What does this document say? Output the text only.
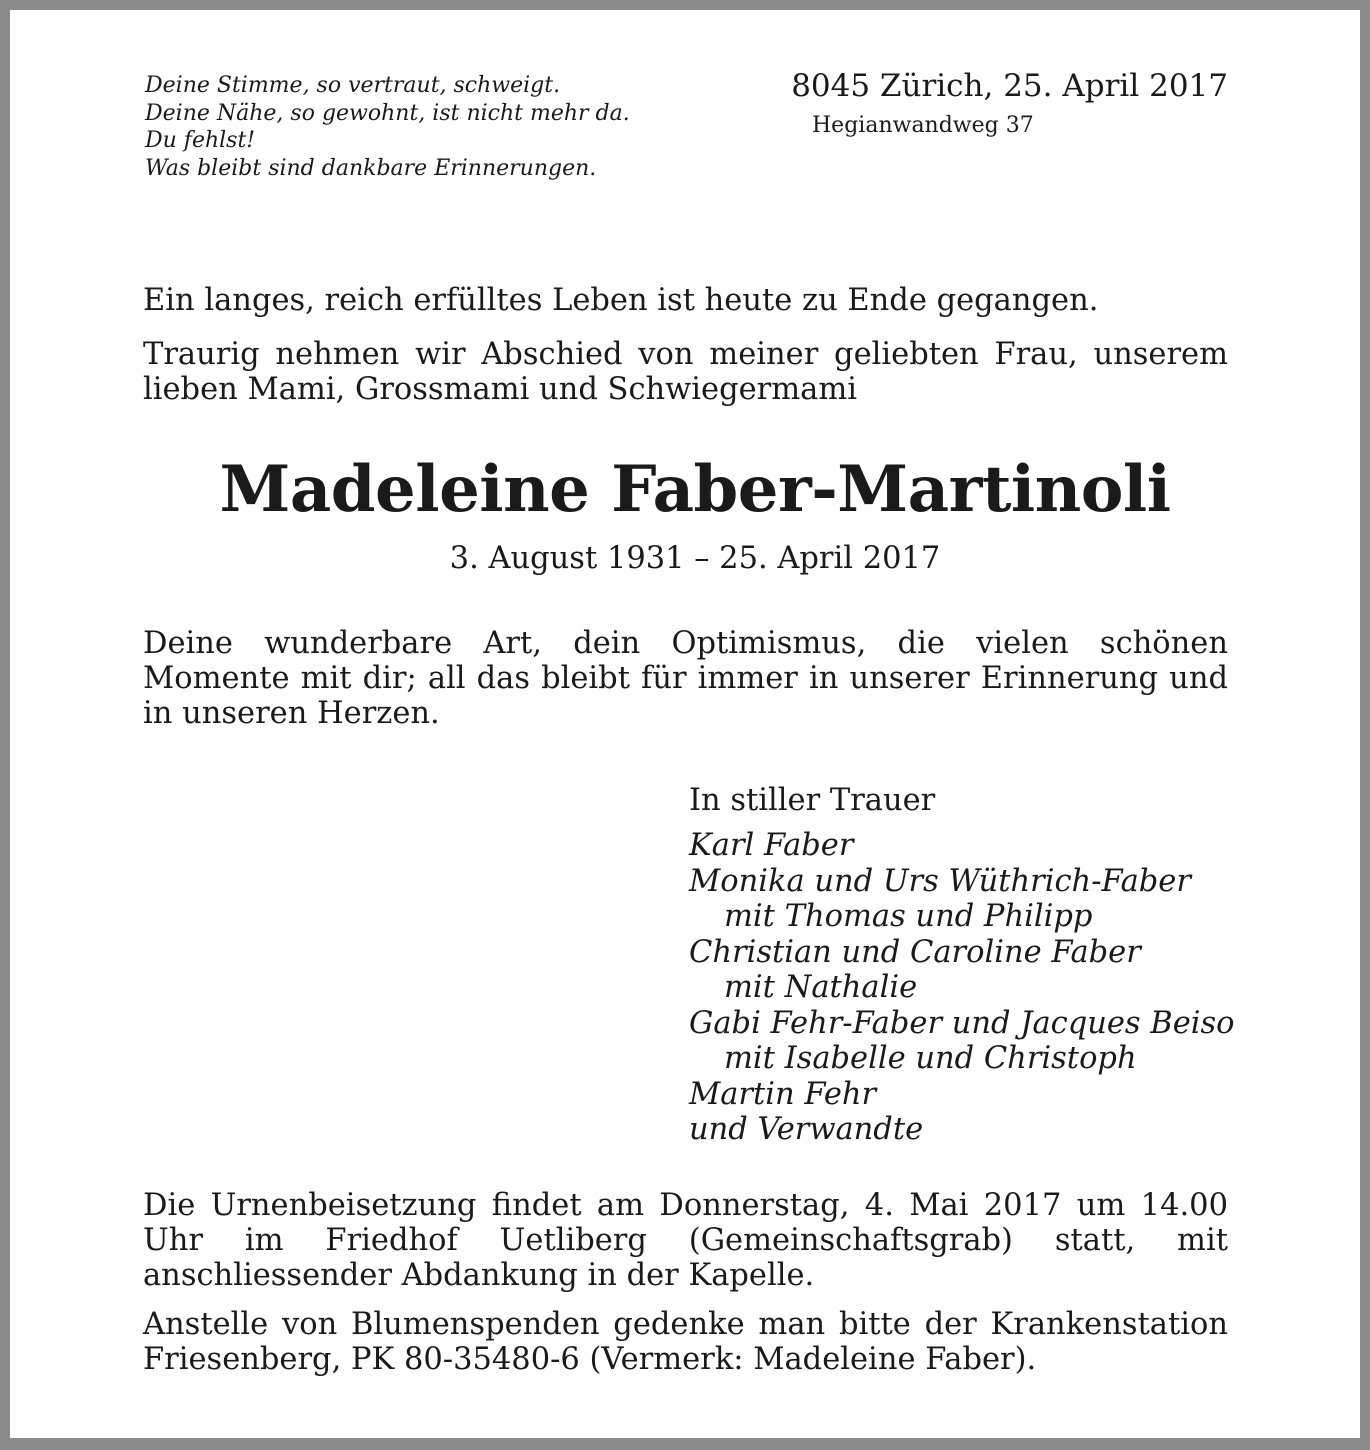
Deine Stimme, so vertraut, schweigt.
Deine Nähe, so gewohnt, ist nicht mehr da.
Du fehlst!
Was bleibt sind dankbare Erinnerungen.
8045 Zürich, 25. April 2017
Hegianwandweg 37
Ein langes, reich erfülltes Leben ist heute zu Ende gegangen.
Traurig nehmen wir Abschied von meiner geliebten Frau, unserem lieben Mami, Grossmami und Schwiegermami
Madeleine Faber-Martinoli
3. August 1931 – 25. April 2017
Deine wunderbare Art, dein Optimismus, die vielen schönen Momente mit dir; all das bleibt für immer in unserer Erinnerung und in unseren Herzen.
In stiller Trauer
Karl Faber
Monika und Urs Wüthrich-Faber
mit Thomas und Philipp
Christian und Caroline Faber
mit Nathalie
Gabi Fehr-Faber und Jacques Beiso
mit Isabelle und Christoph
Martin Fehr
und Verwandte
Die Urnenbeisetzung findet am Donnerstag, 4. Mai 2017 um 14.00 Uhr im Friedhof Uetliberg (Gemeinschaftsgrab) statt, mit anschliessender Abdankung in der Kapelle.
Anstelle von Blumenspenden gedenke man bitte der Krankenstation Friesenberg, PK 80-35480-6 (Vermerk: Madeleine Faber).
